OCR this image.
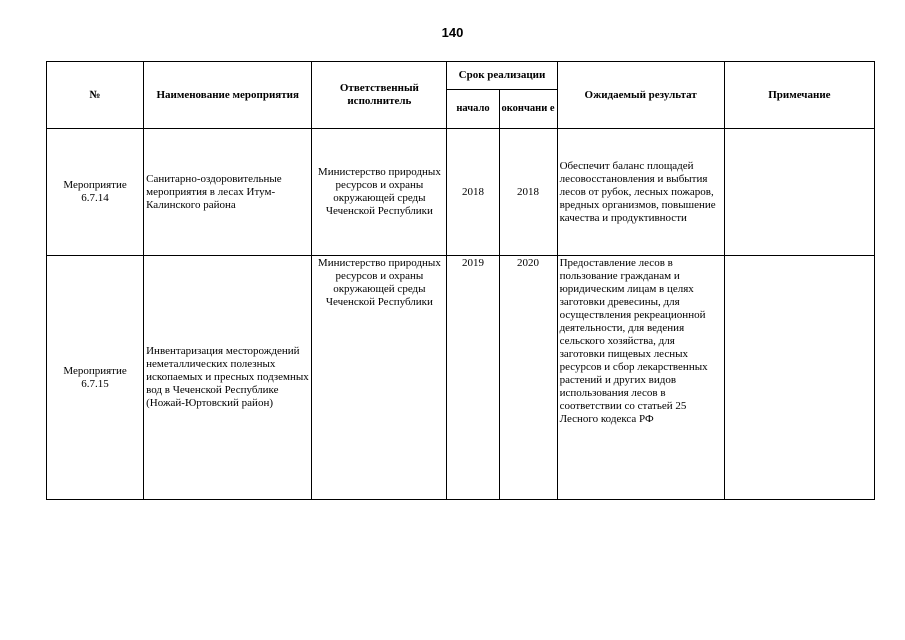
140
№	Наименование мероприятия	Ответственный исполнитель	Срок реализации		Ожидаемый результат	Примечание
			начало	окончани е		
Мероприятие 6.7.14	Санитарно-оздоровительные мероприятия в лесах Итум-Калинского района	Министерство природных ресурсов и охраны окружающей среды Чеченской Республики	2018	2018	Обеспечит баланс площадей лесовосстановления и выбытия лесов от рубок, лесных пожаров, вредных организмов, повышение качества и продуктивности	
Мероприятие 6.7.15	Инвентаризация месторождений неметаллических полезных ископаемых и пресных подземных вод в Чеченской Республике (Ножай-Юртовский район)	Министерство природных ресурсов и охраны окружающей среды Чеченской Республики	2019	2020	Предоставление лесов в пользование гражданам и юридическим лицам в целях заготовки древесины, для осуществления рекреационной деятельности, для ведения сельского хозяйства, для заготовки пищевых лесных ресурсов и сбор лекарственных растений и других видов использования лесов в соответствии со статьей 25 Лесного кодекса РФ	
